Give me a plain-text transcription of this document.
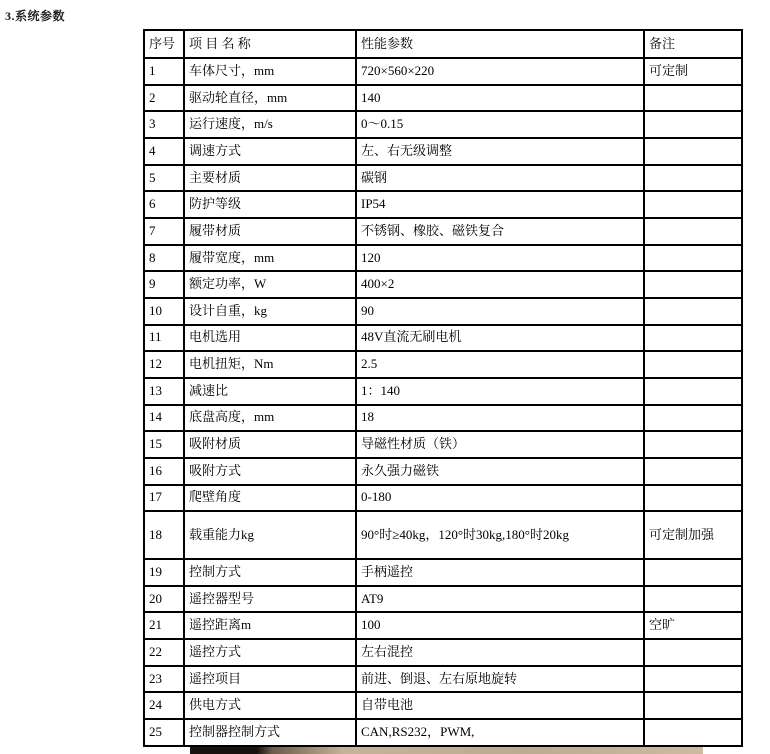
3.系统参数
序号	项 目 名 称	性能参数	备注
1	车体尺寸，mm	720×560×220	可定制
2	驱动轮直径，mm	140	
3	运行速度，m/s	0～0.15	
4	调速方式	左、右无级调整	
5	主要材质	碳钢	
6	防护等级	IP54	
7	履带材质	不锈钢、橡胶、磁铁复合	
8	履带宽度，mm	120	
9	额定功率，W	400×2	
10	设计自重，kg	90	
11	电机选用	48V直流无刷电机	
12	电机扭矩，Nm	2.5	
13	减速比	1：140	
14	底盘高度，mm	18	
15	吸附材质	导磁性材质（铁）	
16	吸附方式	永久强力磁铁	
17	爬壁角度	0-180	
18	载重能力kg	90°时≥40kg，120°时30kg,180°时20kg	可定制加强
19	控制方式	手柄遥控	
20	遥控器型号	AT9	
21	遥控距离m	100	空旷
22	遥控方式	左右混控	
23	遥控项目	前进、倒退、左右原地旋转	
24	供电方式	自带电池	
25	控制器控制方式	CAN,RS232，PWM,	
